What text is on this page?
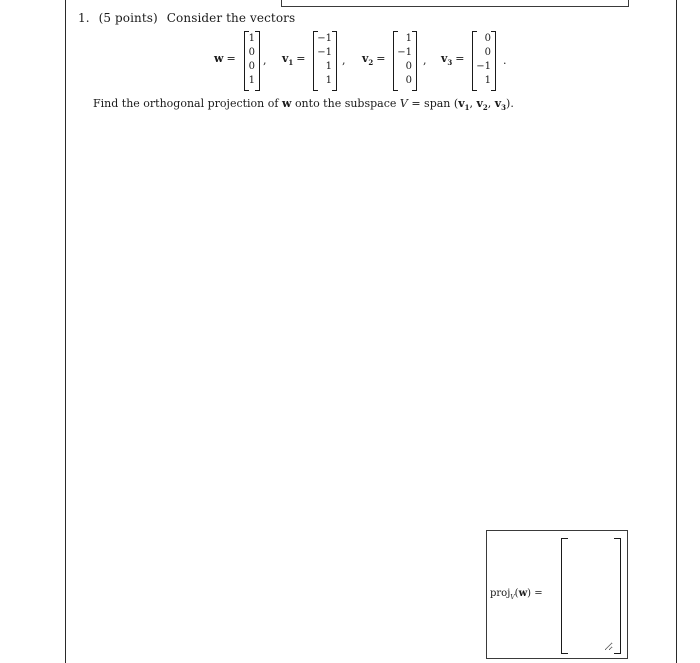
1. (5 points) Consider the vectors
w =
1
0
0
1
, $v_1$ =
−1
−1
1
1
, $v_2$ =
1
−1
0
0
, $v_3$ =
0
0
−1
1
.
Find the orthogonal projection of w onto the subspace V = span ($v_1$, $v_2$, $v_3$).
proj$_V$(w) =
